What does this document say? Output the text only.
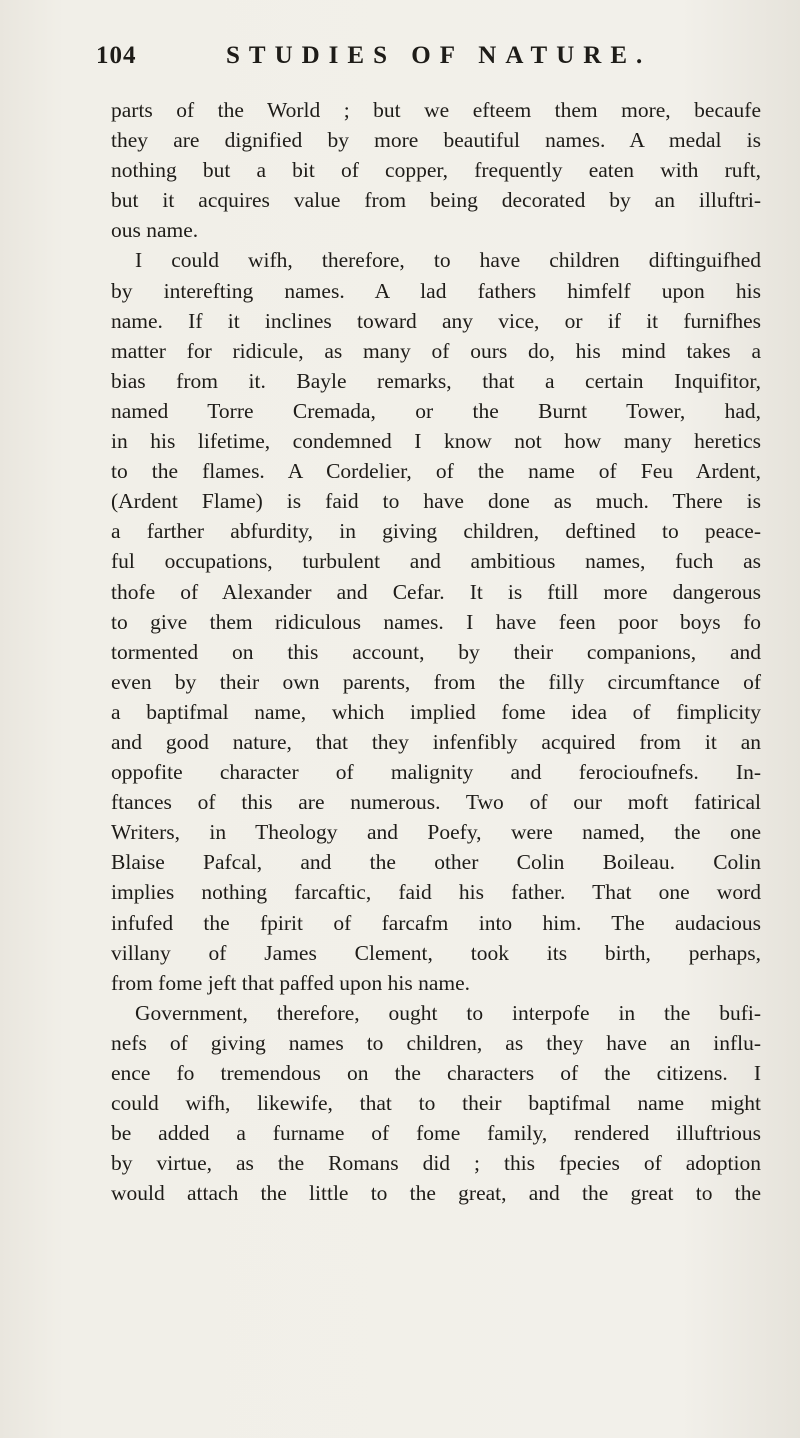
104	STUDIES OF NATURE.
parts of the World ; but we efteem them more, becaufe
they are dignified by more beautiful names. A medal is
nothing but a bit of copper, frequently eaten with ruft,
but it acquires value from being decorated by an illuftri-
ous name.
I could wifh, therefore, to have children diftinguifhed
by interefting names. A lad fathers himfelf upon his
name. If it inclines toward any vice, or if it furnifhes
matter for ridicule, as many of ours do, his mind takes a
bias from it. Bayle remarks, that a certain Inquifitor,
named Torre Cremada, or the Burnt Tower, had,
in his lifetime, condemned I know not how many heretics
to the flames. A Cordelier, of the name of Feu Ardent,
(Ardent Flame) is faid to have done as much. There is
a farther abfurdity, in giving children, deftined to peace-
ful occupations, turbulent and ambitious names, fuch as
thofe of Alexander and Cefar. It is ftill more dangerous
to give them ridiculous names. I have feen poor boys fo
tormented on this account, by their companions, and
even by their own parents, from the filly circumftance of
a baptifmal name, which implied fome idea of fimplicity
and good nature, that they infenfibly acquired from it an
oppofite character of malignity and ferocioufnefs. In-
ftances of this are numerous. Two of our moft fatirical
Writers, in Theology and Poefy, were named, the one
Blaise Pafcal, and the other Colin Boileau. Colin
implies nothing farcaftic, faid his father. That one word
infufed the fpirit of farcafm into him. The audacious
villany of James Clement, took its birth, perhaps,
from fome jeft that paffed upon his name.
Government, therefore, ought to interpofe in the bufi-
nefs of giving names to children, as they have an influ-
ence fo tremendous on the characters of the citizens. I
could wifh, likewife, that to their baptifmal name might
be added a furname of fome family, rendered illuftrious
by virtue, as the Romans did ; this fpecies of adoption
would attach the little to the great, and the great to the
